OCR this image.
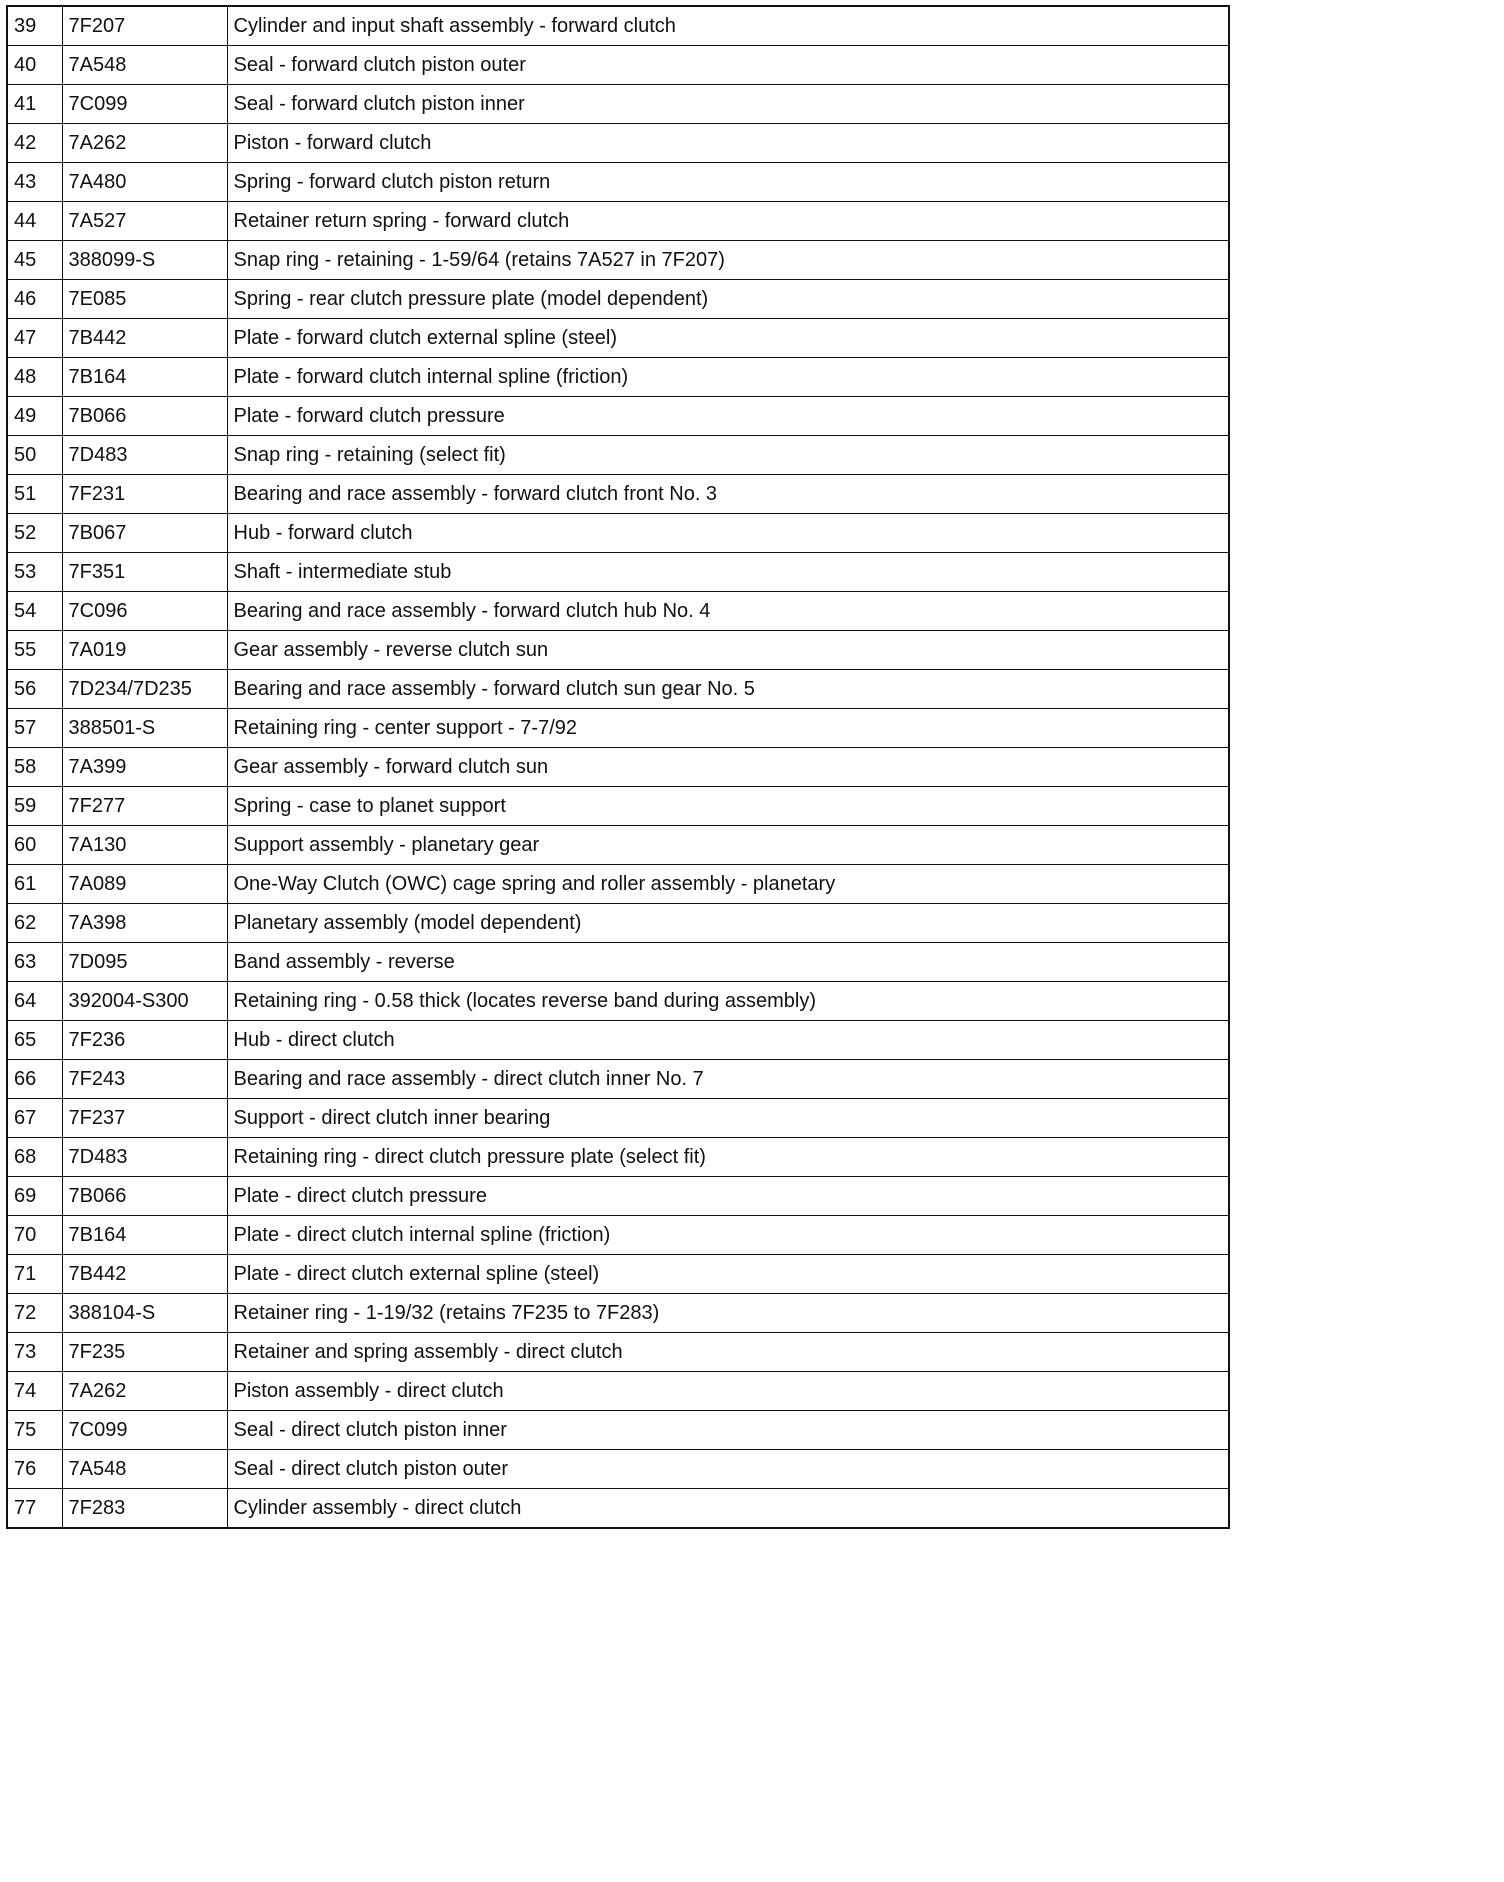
39	7F207	Cylinder and input shaft assembly - forward clutch
40	7A548	Seal - forward clutch piston outer
41	7C099	Seal - forward clutch piston inner
42	7A262	Piston - forward clutch
43	7A480	Spring - forward clutch piston return
44	7A527	Retainer return spring - forward clutch
45	388099-S	Snap ring - retaining - 1-59/64 (retains 7A527 in 7F207)
46	7E085	Spring - rear clutch pressure plate (model dependent)
47	7B442	Plate - forward clutch external spline (steel)
48	7B164	Plate - forward clutch internal spline (friction)
49	7B066	Plate - forward clutch pressure
50	7D483	Snap ring - retaining (select fit)
51	7F231	Bearing and race assembly - forward clutch front No. 3
52	7B067	Hub - forward clutch
53	7F351	Shaft - intermediate stub
54	7C096	Bearing and race assembly - forward clutch hub No. 4
55	7A019	Gear assembly - reverse clutch sun
56	7D234/7D235	Bearing and race assembly - forward clutch sun gear No. 5
57	388501-S	Retaining ring - center support - 7-7/92
58	7A399	Gear assembly - forward clutch sun
59	7F277	Spring - case to planet support
60	7A130	Support assembly - planetary gear
61	7A089	One-Way Clutch (OWC) cage spring and roller assembly - planetary
62	7A398	Planetary assembly (model dependent)
63	7D095	Band assembly - reverse
64	392004-S300	Retaining ring - 0.58 thick (locates reverse band during assembly)
65	7F236	Hub - direct clutch
66	7F243	Bearing and race assembly - direct clutch inner No. 7
67	7F237	Support - direct clutch inner bearing
68	7D483	Retaining ring - direct clutch pressure plate (select fit)
69	7B066	Plate - direct clutch pressure
70	7B164	Plate - direct clutch internal spline (friction)
71	7B442	Plate - direct clutch external spline (steel)
72	388104-S	Retainer ring - 1-19/32 (retains 7F235 to 7F283)
73	7F235	Retainer and spring assembly - direct clutch
74	7A262	Piston assembly - direct clutch
75	7C099	Seal - direct clutch piston inner
76	7A548	Seal - direct clutch piston outer
77	7F283	Cylinder assembly - direct clutch
